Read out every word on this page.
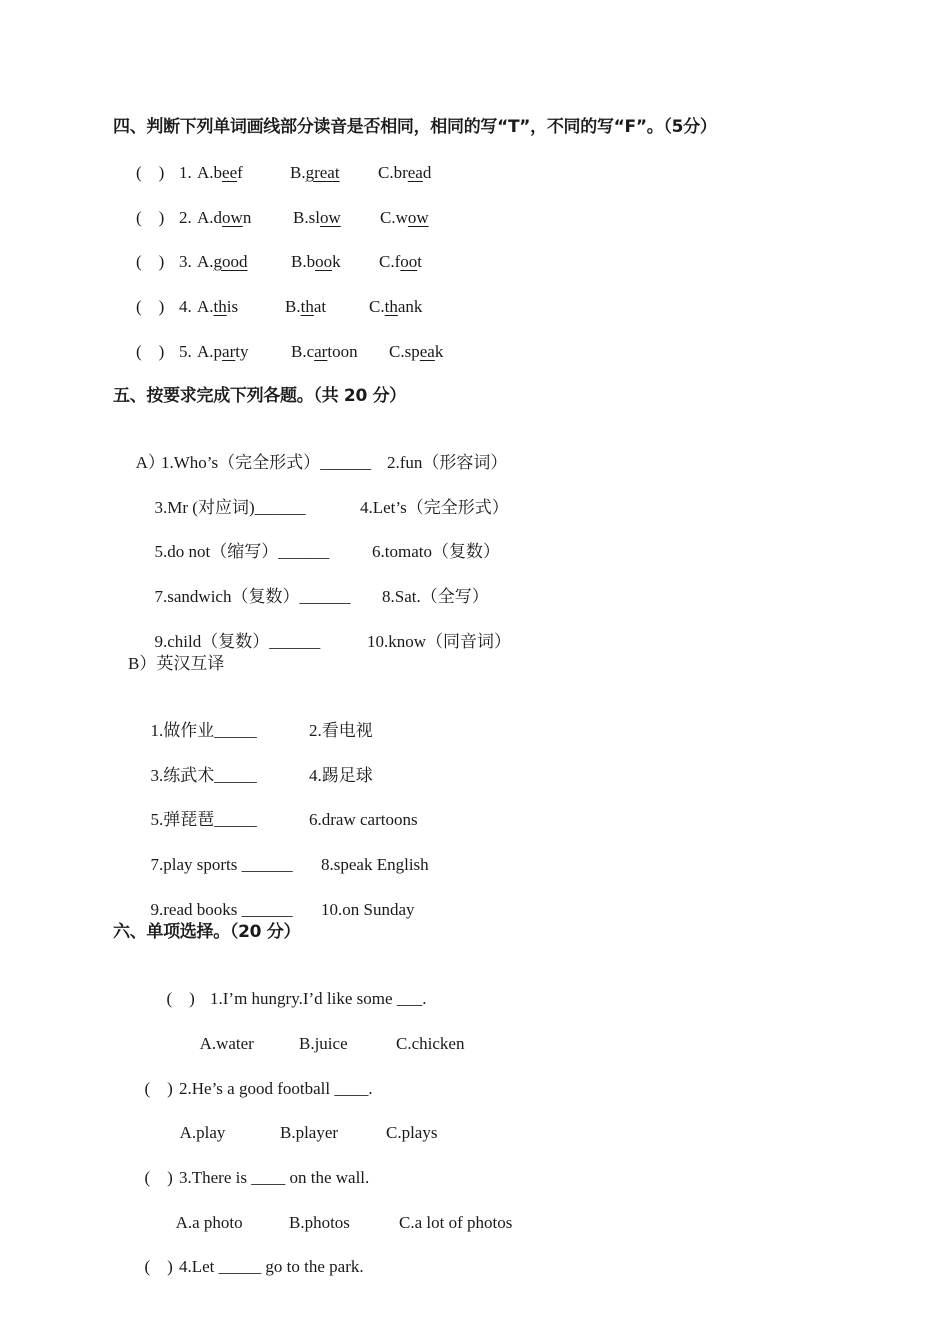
四、判断下列单词画线部分读音是否相同，相同的写“T”，不同的写“F”。（5分）
(    ) 1. A.beef	B.great C.bread
(    ) 2. A.down B.slow C.wow
(    ) 3. A.good	B.book C.foot
(    ) 4. A.this	B.that	C.thank
(    ) 5. A.party	B.cartoon C.speak
五、按要求完成下列各题。（共 20 分）

A）
1.Who’s（完全形式）______ 2.fun（形容词）

3.Mr (对应词)______	4.Let’s（完全形式）

5.do not（缩写）______	6.tomato（复数）

7.sandwich（复数）______ 8.Sat.（全写）

9.child（复数）______	10.know（同音词）

B）英汉互译

1.做作业_____	2.看电视

3.练武术_____	4.踢足球

5.弹琵琶_____	6.draw cartoons

7.play sports ______ 8.speak English

9.read books ______ 10.on Sunday

六、单项选择。（20 分）

(    ) 1.I’m hungry.I’d like some ___.

A.water	B.juice	C.chicken

(    ) 2.He’s a good football ____.

A.play	B.player	C.plays

(    ) 3.There is ____ on the wall.

A.a photo	B.photos	C.a lot of photos

(    ) 4.Let _____ go to the park.
